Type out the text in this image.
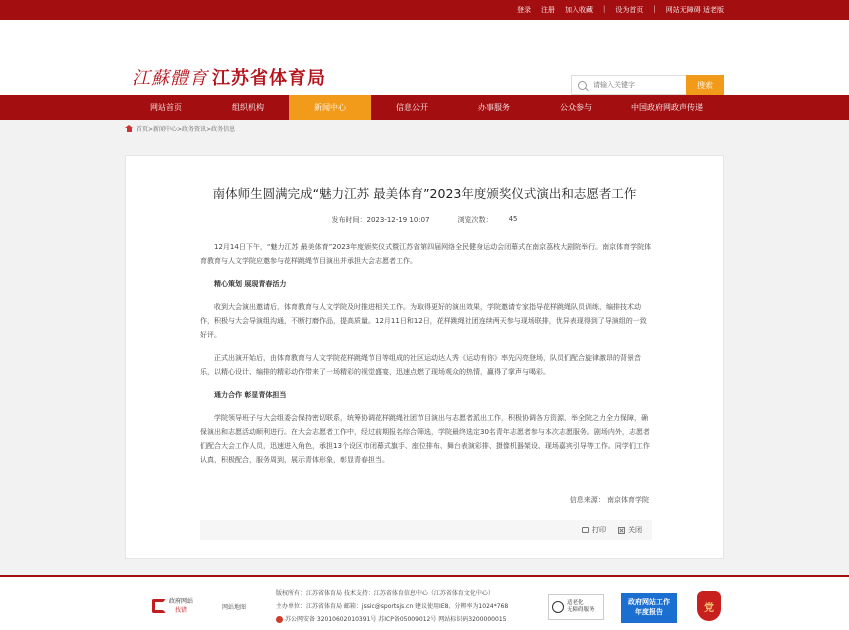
登录 注册 加入收藏 | 设为首页 | 网站无障碍 适老版
江蘇體育 江苏省体育局
请输入关键字	搜索
网站首页	组织机构	新闻中心	信息公开	办事服务	公众参与	中国政府网政声传递
首页>新闻中心>政务资讯>政务信息
南体师生圆满完成“魅力江苏 最美体育”2023年度颁奖仪式演出和志愿者工作
发布时间：2023-12-19 10:07	浏览次数： 45

12月14日下午，“魅力江苏 最美体育”2023年度颁奖仪式暨江苏省第四届网络全民健身运动会闭幕式在南京荔枝大剧院举行。南京体育学院体育教育与人文学院应邀参与花样跳绳节目演出并承担大会志愿者工作。

精心策划 展现青春活力

收到大会演出邀请后，体育教育与人文学院及时推进相关工作。为取得更好的演出效果，学院邀请专家指导花样跳绳队员训练，编排技术动作，积极与大会导演组沟通，不断打磨作品，提高质量。12月11日和12日，花样跳绳社团连续两天参与现场联排，优异表现得到了导演组的一致好评。

正式出演开始后，由体育教育与人文学院花样跳绳节目等组成的社区运动达人秀《运动有你》率先闪亮登场，队员们配合旋律激昂的背景音乐，以精心设计、编排的精彩动作带来了一场精彩的视觉盛宴，迅速点燃了现场观众的热情，赢得了掌声与喝彩。

通力合作 彰显青体担当

学院领导班子与大会组委会保持密切联系，统筹协调花样跳绳社团节目演出与志愿者派出工作，积极协调各方资源，举全院之力全力保障，确保演出和志愿活动顺利进行。在大会志愿者工作中，经过前期报名综合筛选，学院最终选定30名青年志愿者参与本次志愿服务。剧场内外，志愿者们配合大会工作人员，迅速进入角色，承担13个设区市闭幕式旗手、座位排布、舞台表演彩排、摄像机器架设、现场嘉宾引导等工作。同学们工作认真，积极配合，服务周到，展示青体形象，彰显青春担当。

信息来源： 南京体育学院
打印	关闭
政府网站
找错	网站地图
版权所有：江苏省体育局 技术支持：江苏省体育信息中心（江苏省体育文化中心）
主办单位：江苏省体育局 邮箱：jssic@sportsjs.cn 建议使用IE8、分辨率为1024*768
苏公网安备 32010602010391号 苏ICP备05009012号 网站标识码3200000015
适老化
无障碍服务
政府网站工作
年度报告	党
